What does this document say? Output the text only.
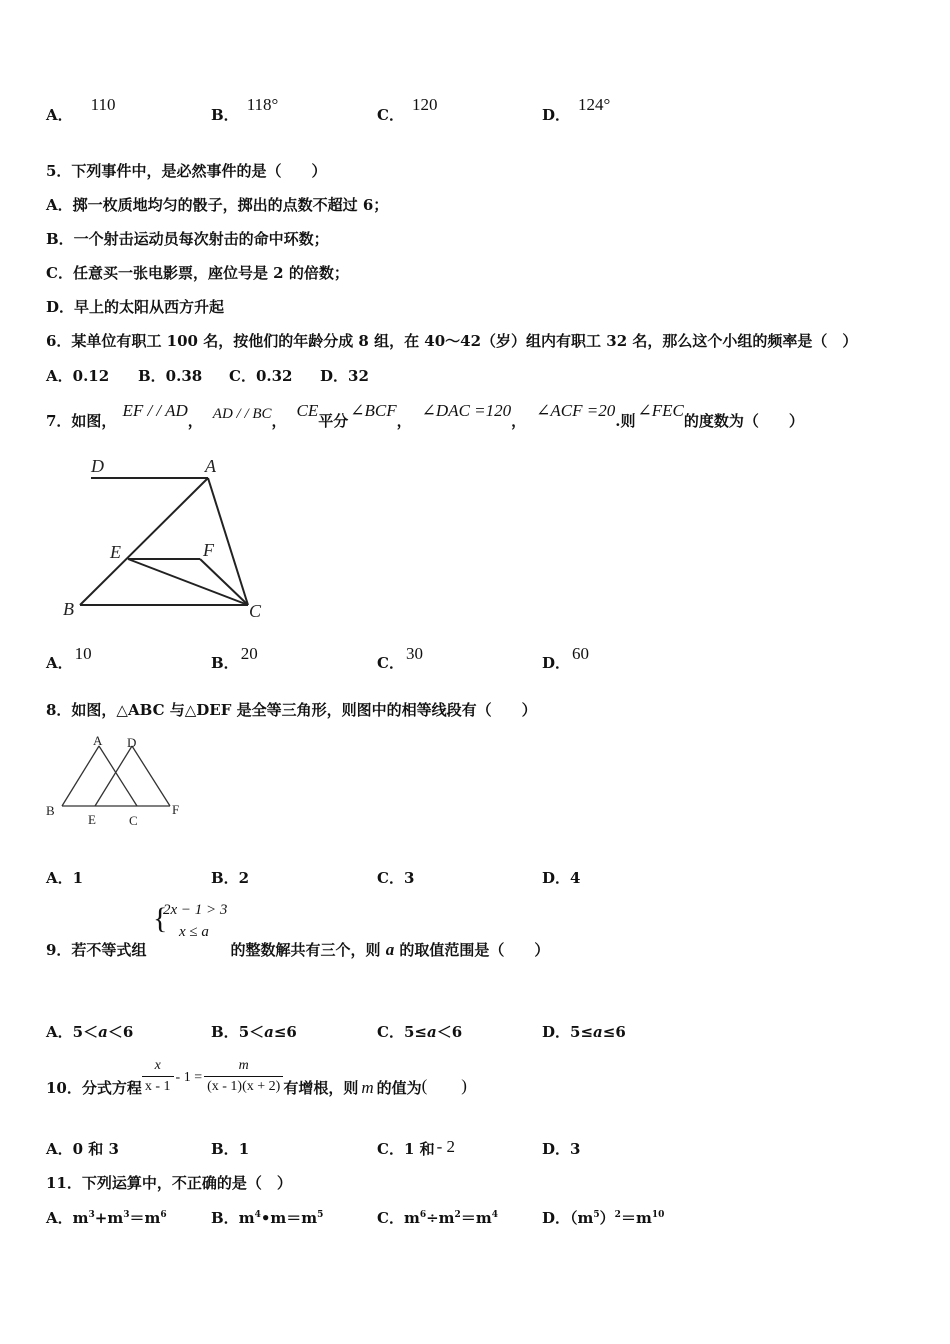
A．110
B．118°
C．120
D．124°
5．下列事件中，是必然事件的是（　　）
A．掷一枚质地均匀的骰子，掷出的点数不超过 6；
B．一个射击运动员每次射击的命中环数；
C．任意买一张电影票，座位号是 2 的倍数；
D．早上的太阳从西方升起
6．某单位有职工 100 名，按他们的年龄分成 8 组，在 40～42（岁）组内有职工 32 名，那么这个小组的频率是（　）
A．0.12 B．0.38 C．0.32 D．32
7．如图，EF / / AD， AD / / BC，CE平分∠BCF，∠DAC =120，∠ACF =20.则∠FEC的度数为（　　）
D	A
E	F
B	C
A． 10	B． 20	C． 30	D． 60
8．如图，△ABC 与△DEF 是全等三角形，则图中的相等线段有（　　）
A D
B
E	C
F
A．1	B．2	C．3	D．4
{
2x − 1 > 3
x ≤ a
9．若不等式组	的整数解共有三个，则 a 的取值范围是（　　）
A．5＜a＜6	B．5＜a≤6	C．5≤a＜6	D．5≤a≤6
10．分式方程 $\frac{x}{x - 1} - 1 = \frac{m}{(x - 1)(x + 2)}$ 有增根，则 m 的值为(　　)
A．0 和 3	B．1	C．1 和 - 2	D．3
11．下列运算中，不正确的是（　）
A．$m^3+m^3=m^6$	B．$m^4•m=m^5$	C．$m^6\div m^2=m^4$	D．$(m^5)^2=m^{10}$
